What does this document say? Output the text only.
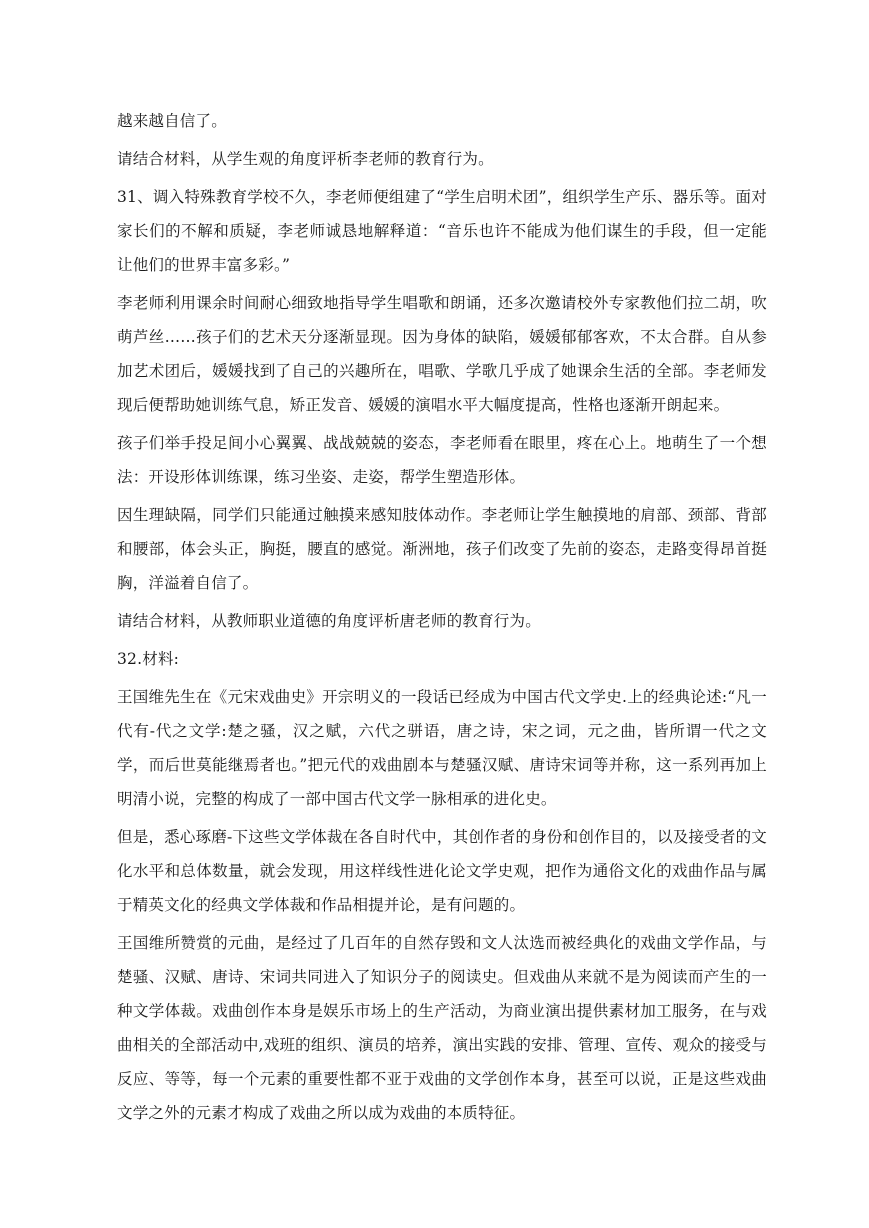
越来越自信了。

请结合材料，从学生观的角度评析李老师的教育行为。

31、调入特殊教育学校不久，李老师便组建了“学生启明术团”，组织学生产乐、器乐等。面对家长们的不解和质疑，李老师诚恳地解释道：“音乐也许不能成为他们谋生的手段，但一定能让他们的世界丰富多彩。”

李老师利用课余时间耐心细致地指导学生唱歌和朗诵，还多次邀请校外专家教他们拉二胡，吹萌芦丝……孩子们的艺术天分逐渐显现。因为身体的缺陷，媛媛郁郁客欢，不太合群。自从参加艺术团后，媛媛找到了自己的兴趣所在，唱歌、学歌几乎成了她课余生活的全部。李老师发现后便帮助她训练气息，矫正发音、媛媛的演唱水平大幅度提高，性格也逐渐开朗起来。

孩子们举手投足间小心翼翼、战战兢兢的姿态，李老师看在眼里，疼在心上。地萌生了一个想法：开设形体训练课，练习坐姿、走姿，帮学生塑造形体。

因生理缺隔，同学们只能通过触摸来感知肢体动作。李老师让学生触摸地的肩部、颈部、背部和腰部，体会头正，胸挺，腰直的感觉。渐洲地，孩子们改变了先前的姿态，走路变得昂首挺胸，洋溢着自信了。

请结合材料，从教师职业道德的角度评析唐老师的教育行为。

32.材料:

王国维先生在《元宋戏曲史》开宗明义的一段话已经成为中国古代文学史.上的经典论述:“凡一代有-代之文学:楚之骚，汉之赋，六代之骈语，唐之诗，宋之词，元之曲，皆所谓一代之文学，而后世莫能继焉者也。”把元代的戏曲剧本与楚骚汉赋、唐诗宋词等并称，这一系列再加上明清小说，完整的构成了一部中国古代文学一脉相承的进化史。

但是，悉心琢磨-下这些文学体裁在各自时代中，其创作者的身份和创作目的，以及接受者的文化水平和总体数量，就会发现，用这样线性进化论文学史观，把作为通俗文化的戏曲作品与属于精英文化的经典文学体裁和作品相提并论，是有问题的。

王国维所赞赏的元曲，是经过了几百年的自然存毁和文人汰选而被经典化的戏曲文学作品，与楚骚、汉赋、唐诗、宋词共同进入了知识分子的阅读史。但戏曲从来就不是为阅读而产生的一种文学体裁。戏曲创作本身是娱乐市场上的生产活动，为商业演出提供素材加工服务，在与戏曲相关的全部活动中,戏班的组织、演员的培养，演出实践的安排、管理、宣传、观众的接受与反应、等等，每一个元素的重要性都不亚于戏曲的文学创作本身，甚至可以说，正是这些戏曲文学之外的元素才构成了戏曲之所以成为戏曲的本质特征。
